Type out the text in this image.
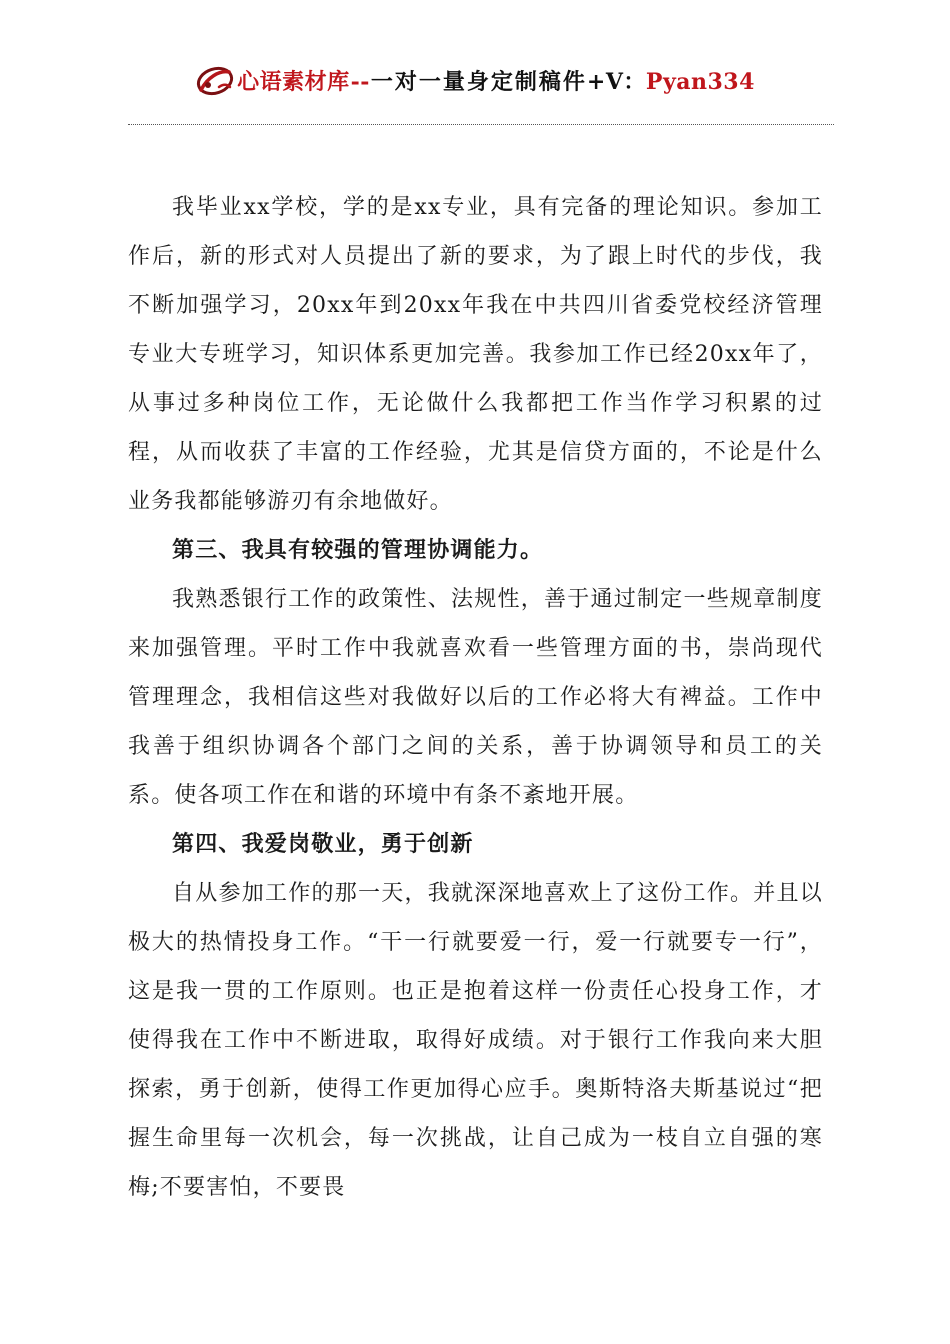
心语素材库--一对一量身定制稿件+V：Pyan334

我毕业xx学校，学的是xx专业，具有完备的理论知识。参加工作后，新的形式对人员提出了新的要求，为了跟上时代的步伐，我不断加强学习，20xx年到20xx年我在中共四川省委党校经济管理专业大专班学习，知识体系更加完善。我参加工作已经20xx年了，从事过多种岗位工作，无论做什么我都把工作当作学习积累的过程，从而收获了丰富的工作经验，尤其是信贷方面的，不论是什么业务我都能够游刃有余地做好。

第三、我具有较强的管理协调能力。

我熟悉银行工作的政策性、法规性，善于通过制定一些规章制度来加强管理。平时工作中我就喜欢看一些管理方面的书，崇尚现代管理理念，我相信这些对我做好以后的工作必将大有裨益。工作中我善于组织协调各个部门之间的关系，善于协调领导和员工的关系。使各项工作在和谐的环境中有条不紊地开展。

第四、我爱岗敬业，勇于创新

自从参加工作的那一天，我就深深地喜欢上了这份工作。并且以极大的热情投身工作。“干一行就要爱一行，爱一行就要专一行”，这是我一贯的工作原则。也正是抱着这样一份责任心投身工作，才使得我在工作中不断进取，取得好成绩。对于银行工作我向来大胆探索，勇于创新，使得工作更加得心应手。奥斯特洛夫斯基说过“把握生命里每一次机会，每一次挑战，让自己成为一枝自立自强的寒梅;不要害怕，不要畏
